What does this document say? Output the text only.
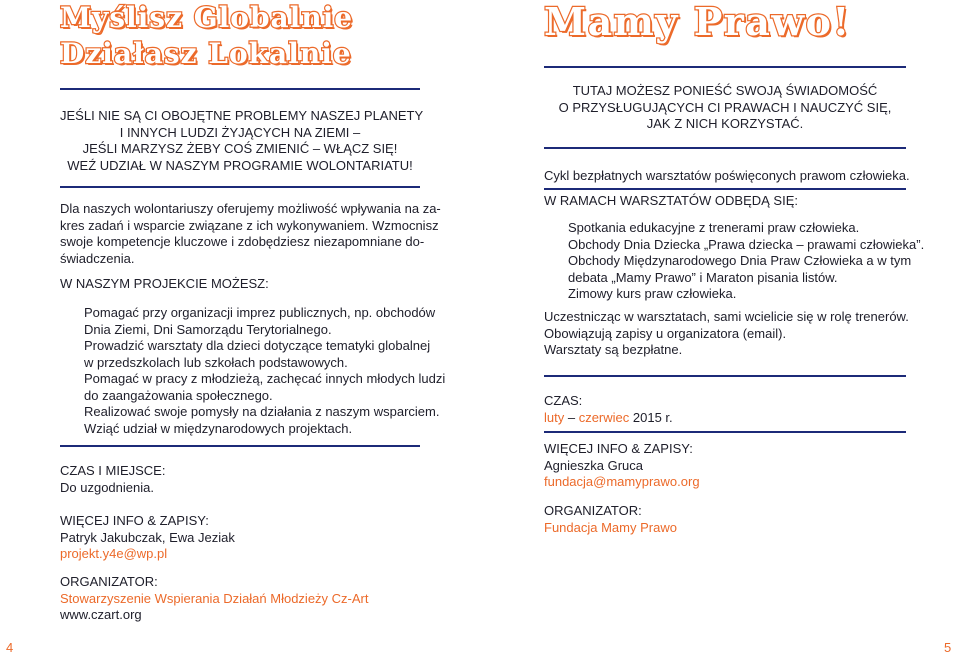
Myślisz Globalnie
Działasz Lokalnie
JEŚLI NIE SĄ CI OBOJĘTNE PROBLEMY NASZEJ PLANETY
I INNYCH LUDZI ŻYJĄCYCH NA ZIEMI –
JEŚLI MARZYSZ ŻEBY COŚ ZMIENIĆ – WŁĄCZ SIĘ!
WEŹ UDZIAŁ W NASZYM PROGRAMIE WOLONTARIATU!
Dla naszych wolontariuszy oferujemy możliwość wpływania na za-
kres zadań i wsparcie związane z ich wykonywaniem. Wzmocnisz
swoje kompetencje kluczowe i zdobędziesz niezapomniane do-
świadczenia.
W NASZYM PROJEKCIE MOŻESZ:
Pomagać przy organizacji imprez publicznych, np. obchodów
Dnia Ziemi, Dni Samorządu Terytorialnego.
Prowadzić warsztaty dla dzieci dotyczące tematyki globalnej
w przedszkolach lub szkołach podstawowych.
Pomagać w pracy z młodzieżą, zachęcać innych młodych ludzi
do zaangażowania społecznego.
Realizować swoje pomysły na działania z naszym wsparciem.
Wziąć udział w międzynarodowych projektach.
CZAS I MIEJSCE:
Do uzgodnienia.
WIĘCEJ INFO & ZAPISY:
Patryk Jakubczak, Ewa Jeziak
projekt.y4e@wp.pl
ORGANIZATOR:
Stowarzyszenie Wspierania Działań Młodzieży Cz-Art
www.czart.org
4
Mamy Prawo!
TUTAJ MOŻESZ PONIEŚĆ SWOJĄ ŚWIADOMOŚĆ
O PRZYSŁUGUJĄCYCH CI PRAWACH I NAUCZYĆ SIĘ,
JAK Z NICH KORZYSTAĆ.
Cykl bezpłatnych warsztatów poświęconych prawom człowieka.
W RAMACH WARSZTATÓW ODBĘDĄ SIĘ:
Spotkania edukacyjne z trenerami praw człowieka.
Obchody Dnia Dziecka „Prawa dziecka – prawami człowieka”.
Obchody Międzynarodowego Dnia Praw Człowieka a w tym
debata „Mamy Prawo” i Maraton pisania listów.
Zimowy kurs praw człowieka.
Uczestnicząc w warsztatach, sami wcielicie się w rolę trenerów.
Obowiązują zapisy u organizatora (email).
Warsztaty są bezpłatne.
CZAS:
luty – czerwiec 2015 r.
WIĘCEJ INFO & ZAPISY:
Agnieszka Gruca
fundacja@mamyprawo.org
ORGANIZATOR:
Fundacja Mamy Prawo
5
